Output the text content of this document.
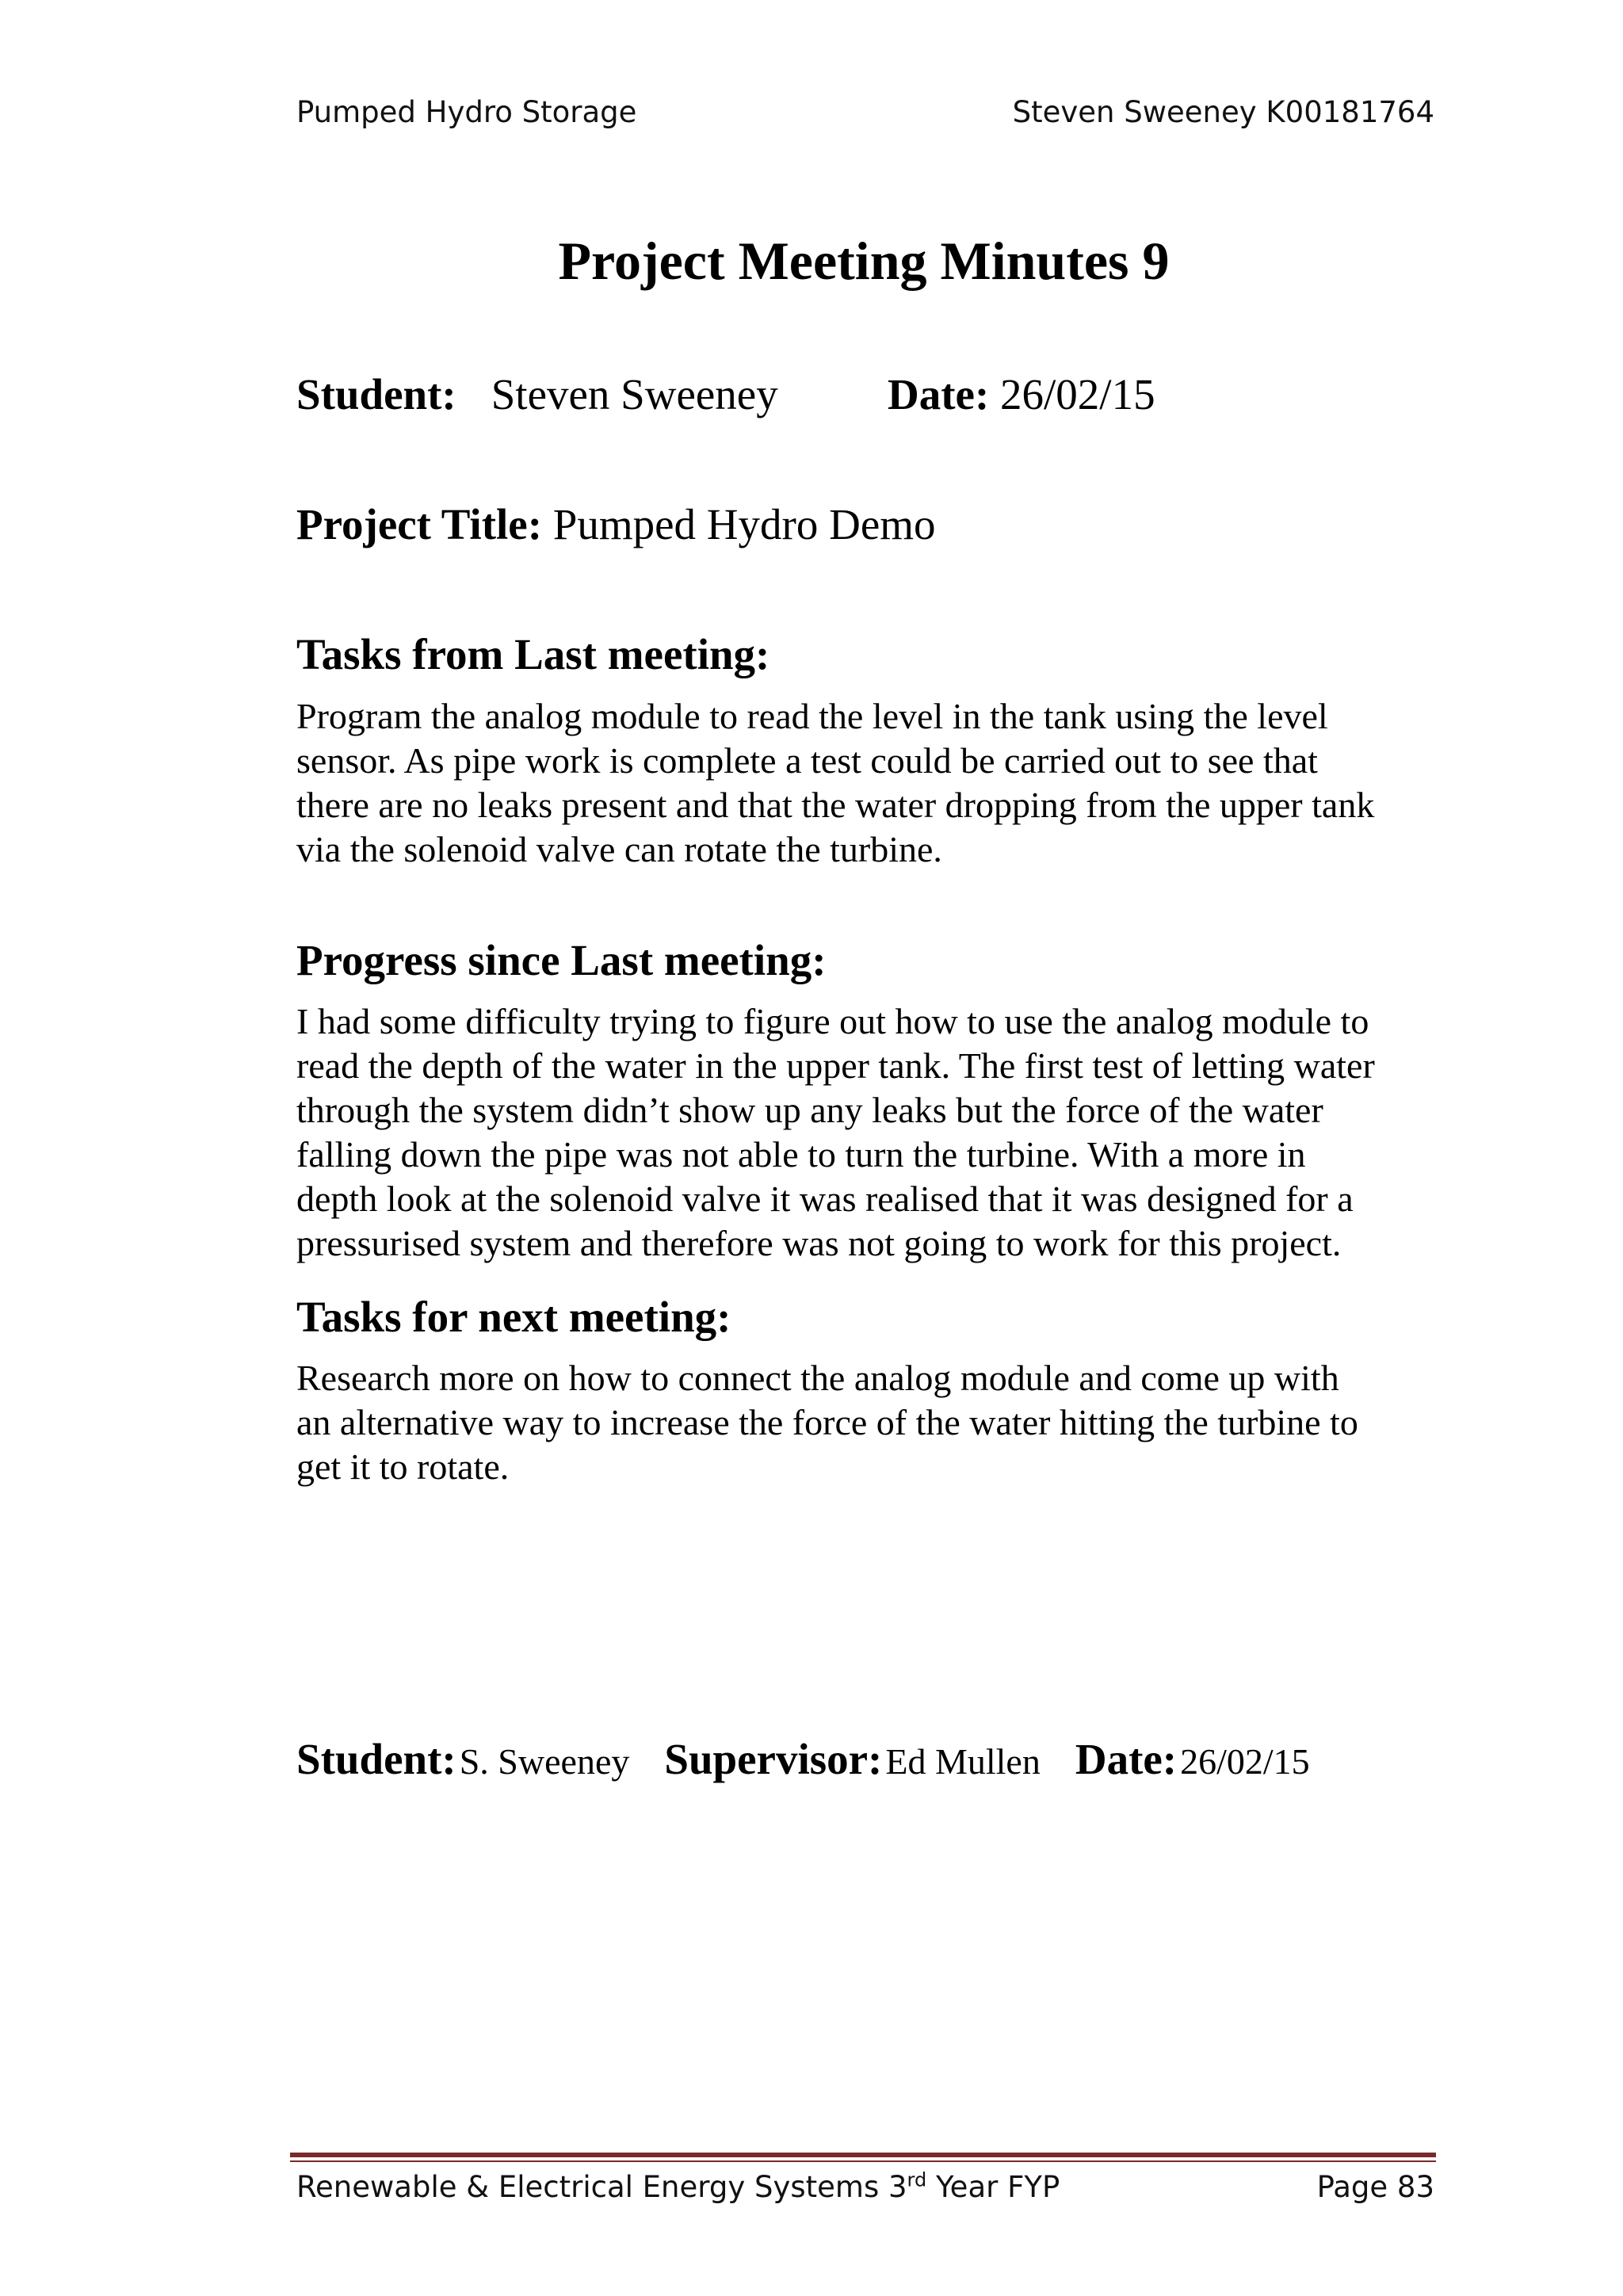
Pumped Hydro Storage	Steven Sweeney K00181764
Project Meeting Minutes 9
Student: Steven Sweeney	Date: 26/02/15
Project Title: Pumped Hydro Demo
Tasks from Last meeting:
Program the analog module to read the level in the tank using the level
sensor. As pipe work is complete a test could be carried out to see that
there are no leaks present and that the water dropping from the upper tank
via the solenoid valve can rotate the turbine.
Progress since Last meeting:
I had some difficulty trying to figure out how to use the analog module to
read the depth of the water in the upper tank. The first test of letting water
through the system didn’t show up any leaks but the force of the water
falling down the pipe was not able to turn the turbine. With a more in
depth look at the solenoid valve it was realised that it was designed for a
pressurised system and therefore was not going to work for this project.
Tasks for next meeting:
Research more on how to connect the analog module and come up with
an alternative way to increase the force of the water hitting the turbine to
get it to rotate.
Student: S. Sweeney Supervisor: Ed Mullen Date: 26/02/15
Renewable & Electrical Energy Systems 3rd Year FYP	Page 83
